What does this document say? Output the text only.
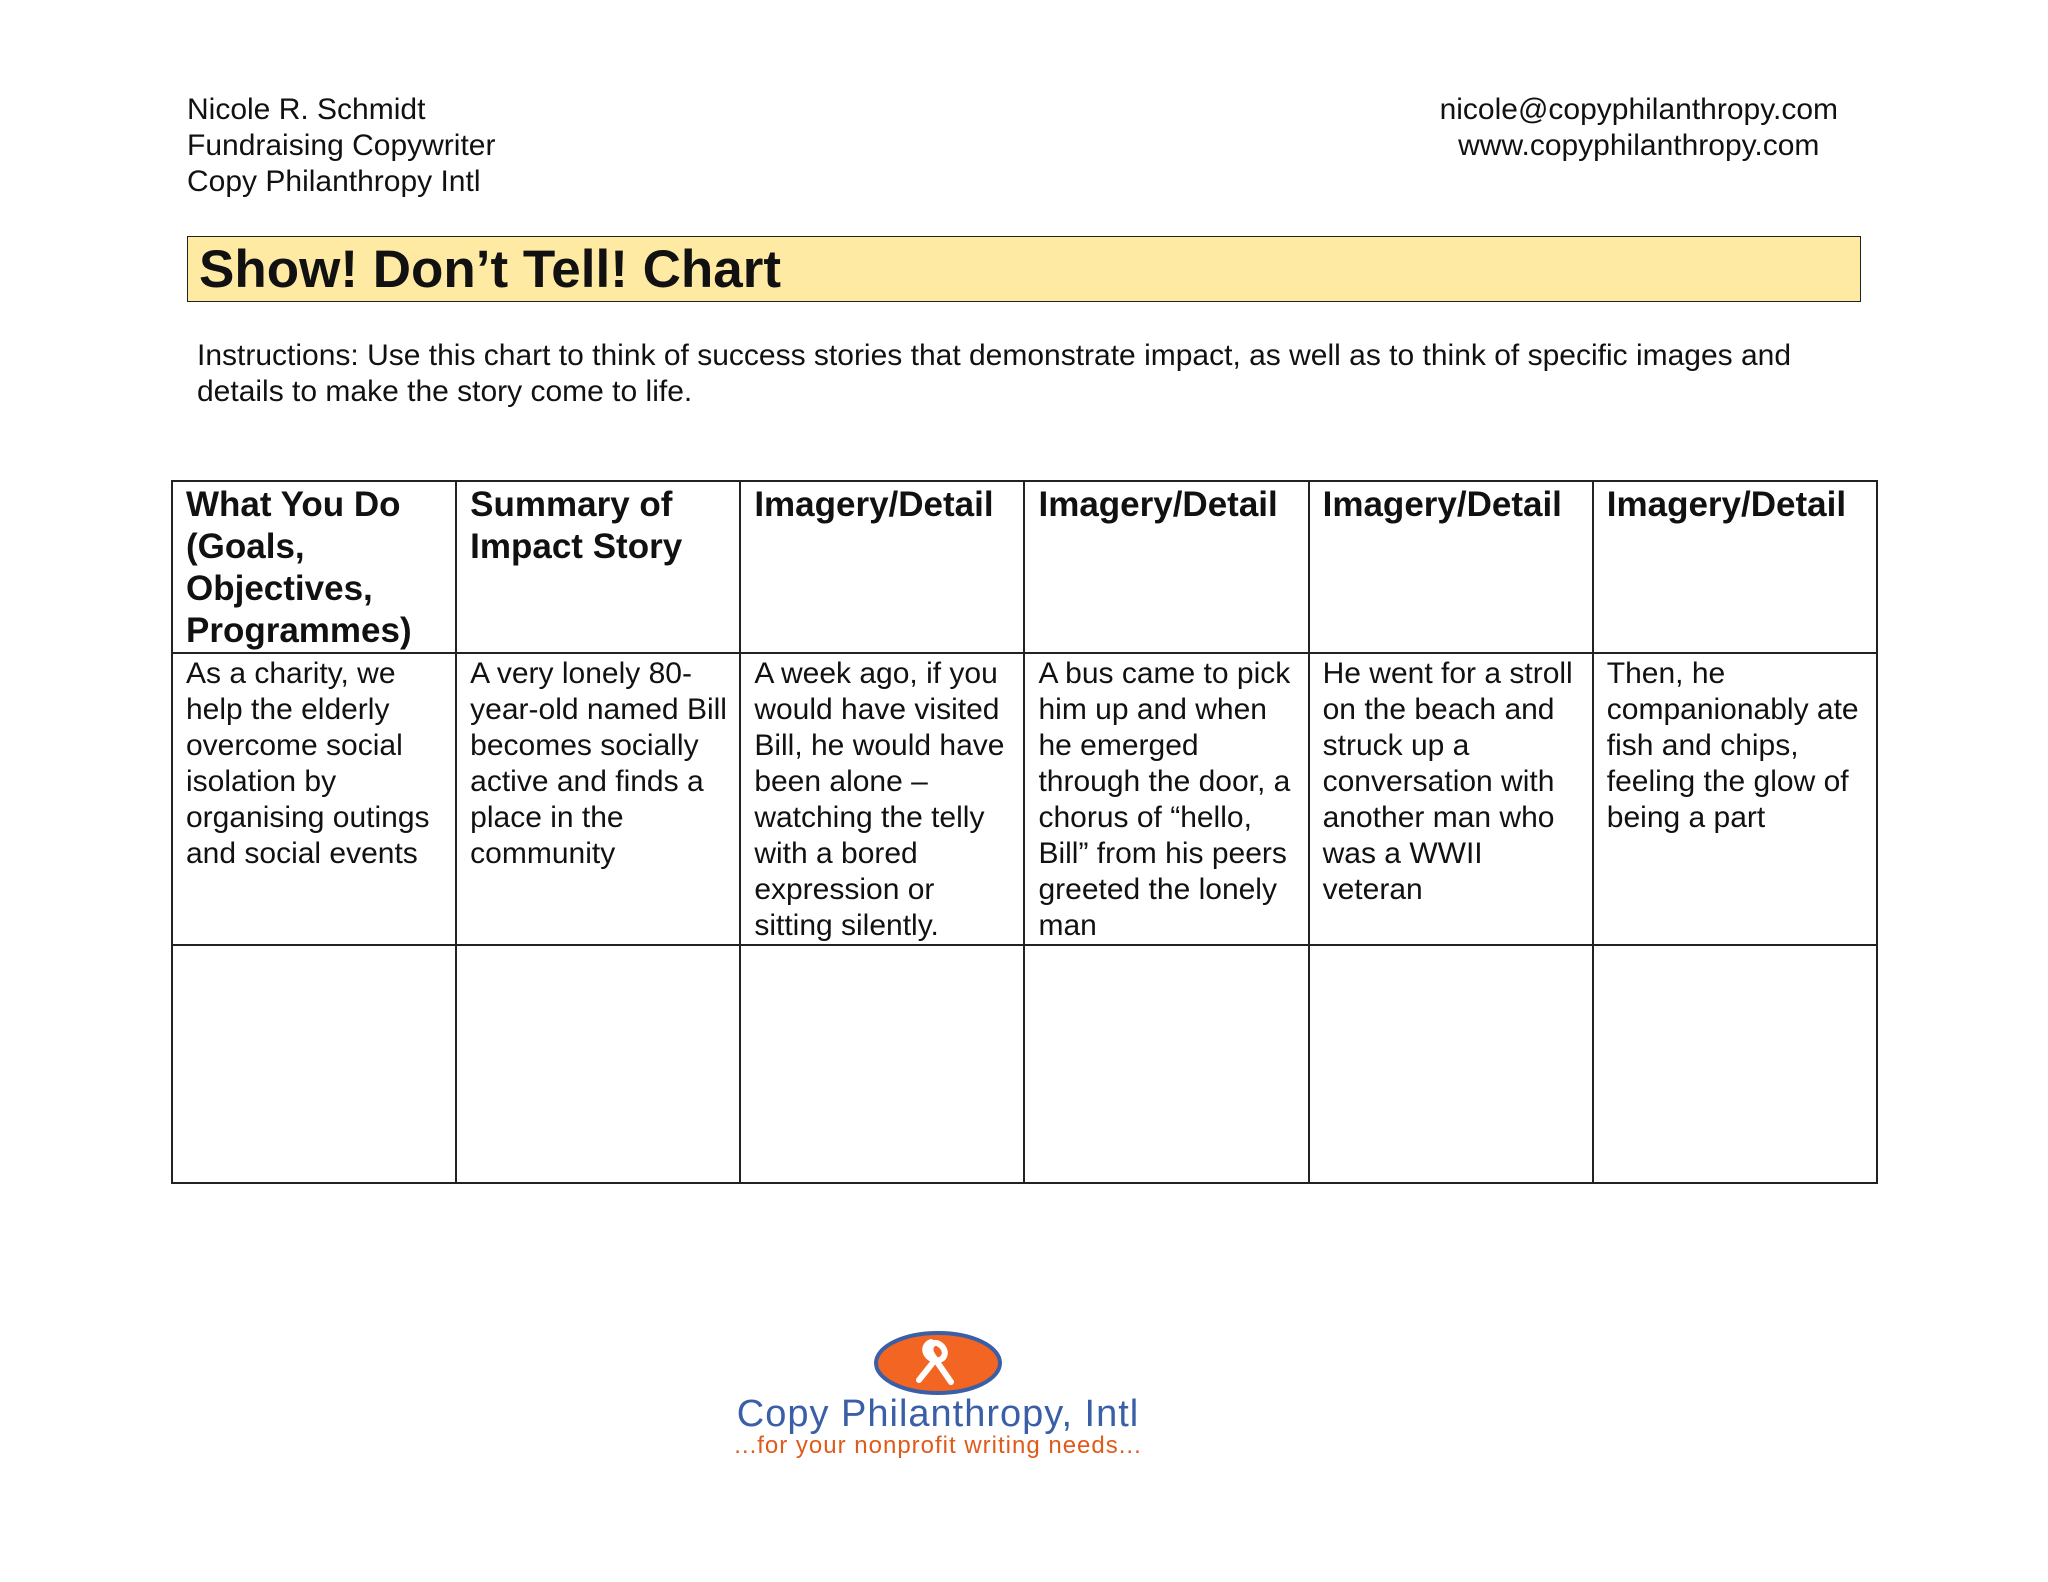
Nicole R. Schmidt
Fundraising Copywriter
Copy Philanthropy Intl
nicole@copyphilanthropy.com
www.copyphilanthropy.com
Show! Don’t Tell! Chart
Instructions: Use this chart to think of success stories that demonstrate impact, as well as to think of specific images and details to make the story come to life.
What You Do (Goals, Objectives, Programmes)	Summary of Impact Story	Imagery/Detail	Imagery/Detail	Imagery/Detail	Imagery/Detail
As a charity, we help the elderly overcome social isolation by organising outings and social events	A very lonely 80-year-old named Bill becomes socially active and finds a place in the community	A week ago, if you would have visited Bill, he would have been alone – watching the telly with a bored expression or sitting silently.	A bus came to pick him up and when he emerged through the door, a chorus of “hello, Bill” from his peers greeted the lonely man	He went for a stroll on the beach and struck up a conversation with another man who was a WWII veteran	Then, he companionably ate fish and chips, feeling the glow of being a part

Copy Philanthropy, Intl
...for your nonprofit writing needs...
